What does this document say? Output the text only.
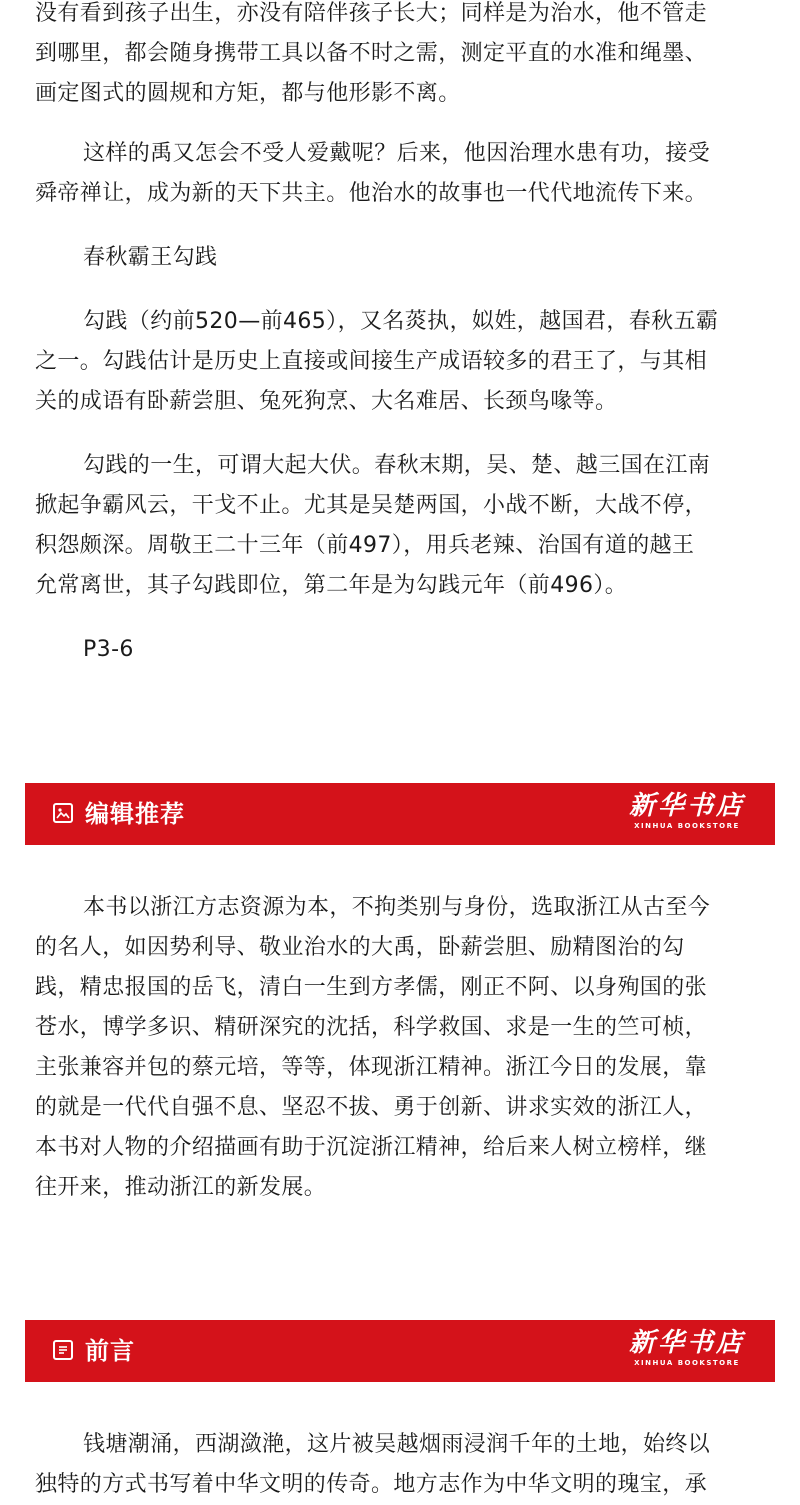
没有看到孩子出生，亦没有陪伴孩子长大；同样是为治水，他不管走
到哪里，都会随身携带工具以备不时之需，测定平直的水准和绳墨、
画定图式的圆规和方矩，都与他形影不离。
这样的禹又怎会不受人爱戴呢？后来，他因治理水患有功，接受
舜帝禅让，成为新的天下共主。他治水的故事也一代代地流传下来。
春秋霸王勾践
勾践（约前520—前465），又名菼执，姒姓，越国君，春秋五霸
之一。勾践估计是历史上直接或间接生产成语较多的君王了，与其相
关的成语有卧薪尝胆、兔死狗烹、大名难居、长颈鸟喙等。
勾践的一生，可谓大起大伏。春秋末期，吴、楚、越三国在江南
掀起争霸风云，干戈不止。尤其是吴楚两国，小战不断，大战不停，
积怨颇深。周敬王二十三年（前497），用兵老辣、治国有道的越王
允常离世，其子勾践即位，第二年是为勾践元年（前496）。
P3-6
编辑推荐	新华书店
XINHUA BOOKSTORE
本书以浙江方志资源为本，不拘类别与身份，选取浙江从古至今
的名人，如因势利导、敬业治水的大禹，卧薪尝胆、励精图治的勾
践，精忠报国的岳飞，清白一生到方孝儒，刚正不阿、以身殉国的张
苍水，博学多识、精研深究的沈括，科学救国、求是一生的竺可桢，
主张兼容并包的蔡元培，等等，体现浙江精神。浙江今日的发展，靠
的就是一代代自强不息、坚忍不拔、勇于创新、讲求实效的浙江人，
本书对人物的介绍描画有助于沉淀浙江精神，给后来人树立榜样，继
往开来，推动浙江的新发展。
前言	新华书店
XINHUA BOOKSTORE
钱塘潮涌，西湖潋滟，这片被吴越烟雨浸润千年的土地，始终以
独特的方式书写着中华文明的传奇。地方志作为中华文明的瑰宝，承
